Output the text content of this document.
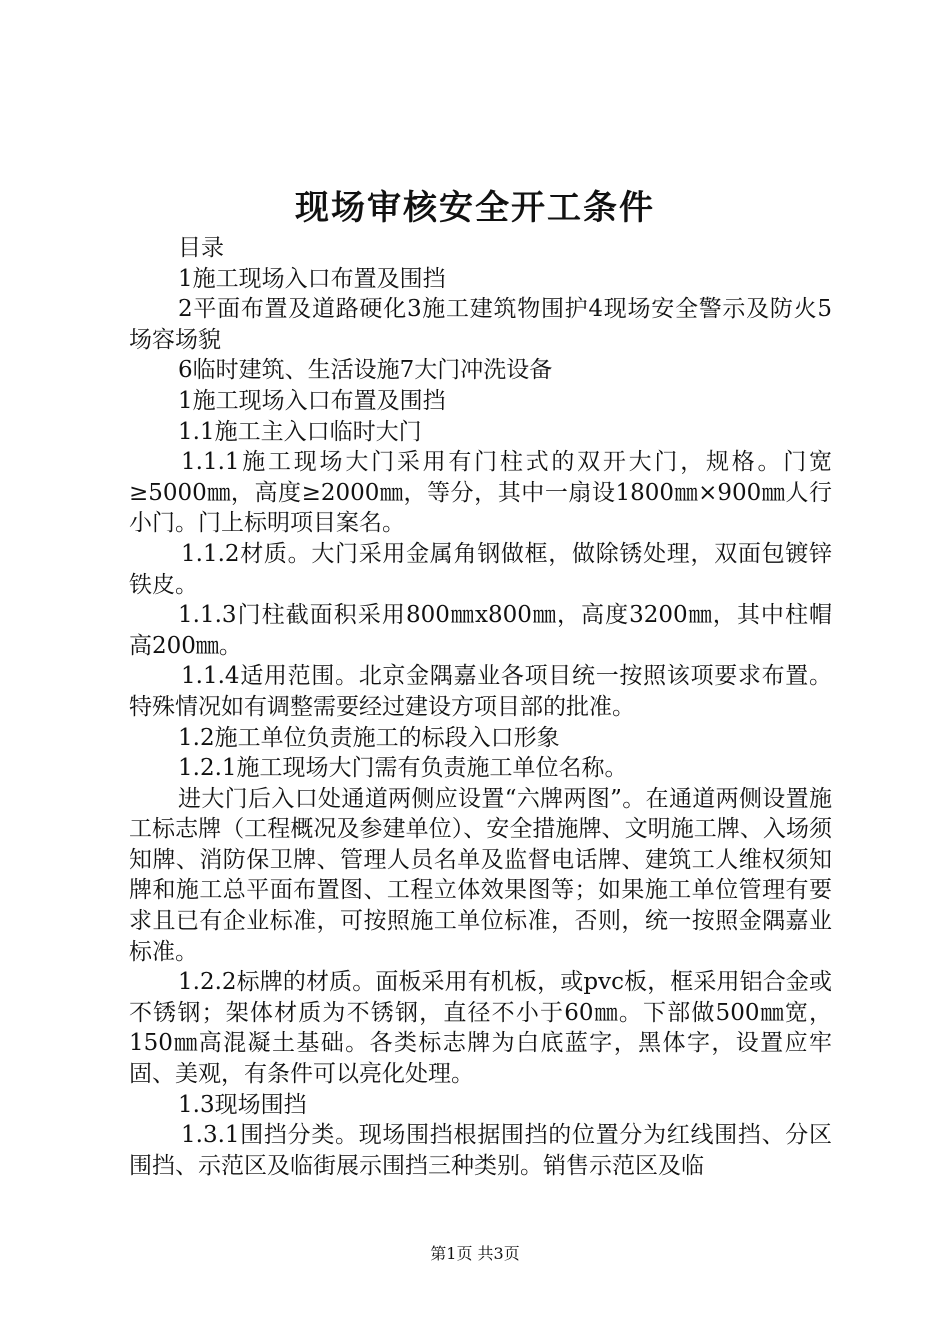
现场审核安全开工条件

目录

1施工现场入口布置及围挡

2平面布置及道路硬化3施工建筑物围护4现场安全警示及防火5场容场貌

6临时建筑、生活设施7大门冲洗设备

1施工现场入口布置及围挡

1.1施工主入口临时大门

1.1.1施工现场大门采用有门柱式的双开大门，规格。门宽≥5000㎜，高度≥2000㎜，等分，其中一扇设1800㎜×900㎜人行小门。门上标明项目案名。

1.1.2材质。大门采用金属角钢做框，做除锈处理，双面包镀锌铁皮。

1.1.3门柱截面积采用800㎜x800㎜，高度3200㎜，其中柱帽高200㎜。

1.1.4适用范围。北京金隅嘉业各项目统一按照该项要求布置。特殊情况如有调整需要经过建设方项目部的批准。

1.2施工单位负责施工的标段入口形象

1.2.1施工现场大门需有负责施工单位名称。

进大门后入口处通道两侧应设置“六牌两图”。在通道两侧设置施工标志牌（工程概况及参建单位）、安全措施牌、文明施工牌、入场须知牌、消防保卫牌、管理人员名单及监督电话牌、建筑工人维权须知牌和施工总平面布置图、工程立体效果图等；如果施工单位管理有要求且已有企业标准，可按照施工单位标准，否则，统一按照金隅嘉业标准。

1.2.2标牌的材质。面板采用有机板，或pvc板，框采用铝合金或不锈钢；架体材质为不锈钢，直径不小于60㎜。下部做500㎜宽，150㎜高混凝土基础。各类标志牌为白底蓝字，黑体字，设置应牢固、美观，有条件可以亮化处理。

1.3现场围挡

1.3.1围挡分类。现场围挡根据围挡的位置分为红线围挡、分区围挡、示范区及临街展示围挡三种类别。销售示范区及临

第1页 共3页
